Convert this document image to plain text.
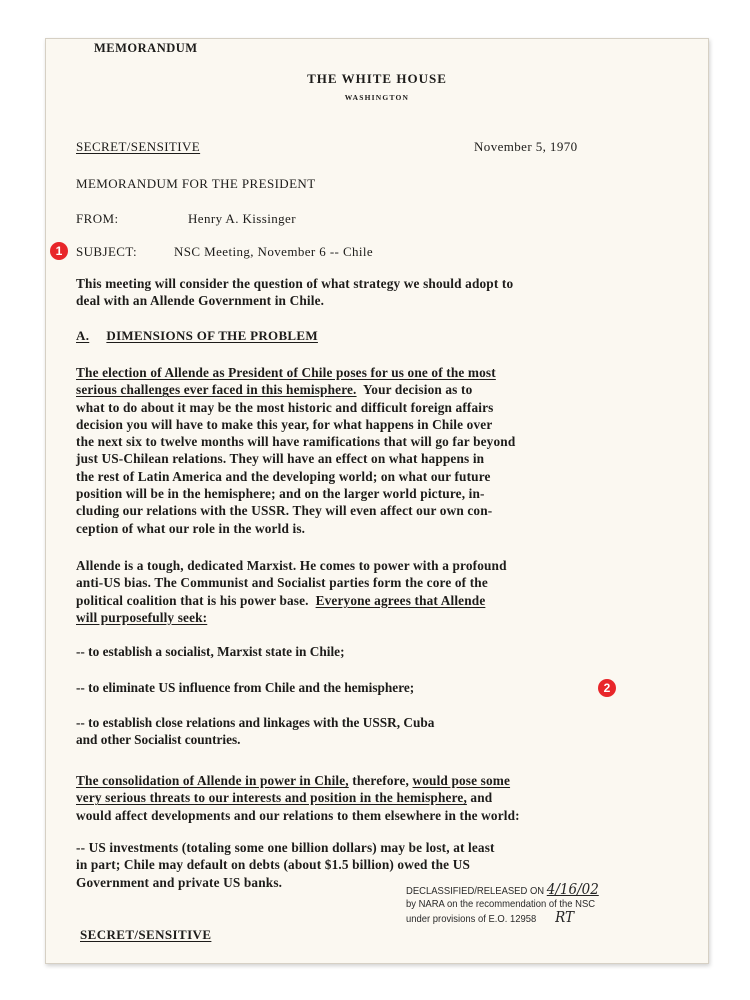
MEMORANDUM
THE WHITE HOUSE
WASHINGTON
SECRET/SENSITIVE	November 5, 1970
MEMORANDUM FOR THE PRESIDENT
FROM:	Henry A. Kissinger
SUBJECT:	NSC Meeting, November 6 -- Chile
This meeting will consider the question of what strategy we should adopt to
deal with an Allende Government in Chile.
A. DIMENSIONS OF THE PROBLEM
The election of Allende as President of Chile poses for us one of the most
serious challenges ever faced in this hemisphere.  Your decision as to
what to do about it may be the most historic and difficult foreign affairs
decision you will have to make this year, for what happens in Chile over
the next six to twelve months will have ramifications that will go far beyond
just US-Chilean relations. They will have an effect on what happens in
the rest of Latin America and the developing world; on what our future
position will be in the hemisphere; and on the larger world picture, in-
cluding our relations with the USSR. They will even affect our own con-
ception of what our role in the world is.
Allende is a tough, dedicated Marxist. He comes to power with a profound
anti-US bias. The Communist and Socialist parties form the core of the
political coalition that is his power base.  Everyone agrees that Allende
will purposefully seek:
-- to establish a socialist, Marxist state in Chile;
-- to eliminate US influence from Chile and the hemisphere;
-- to establish close relations and linkages with the USSR, Cuba
and other Socialist countries.
The consolidation of Allende in power in Chile, therefore, would pose some
very serious threats to our interests and position in the hemisphere, and
would affect developments and our relations to them elsewhere in the world:
-- US investments (totaling some one billion dollars) may be lost, at least
in part; Chile may default on debts (about $1.5 billion) owed the US
Government and private US banks.
DECLASSIFIED/RELEASED ON 4/16/02
by NARA on the recommendation of the NSC
under provisions of E.O. 12958 RT
SECRET/SENSITIVE
1
2
